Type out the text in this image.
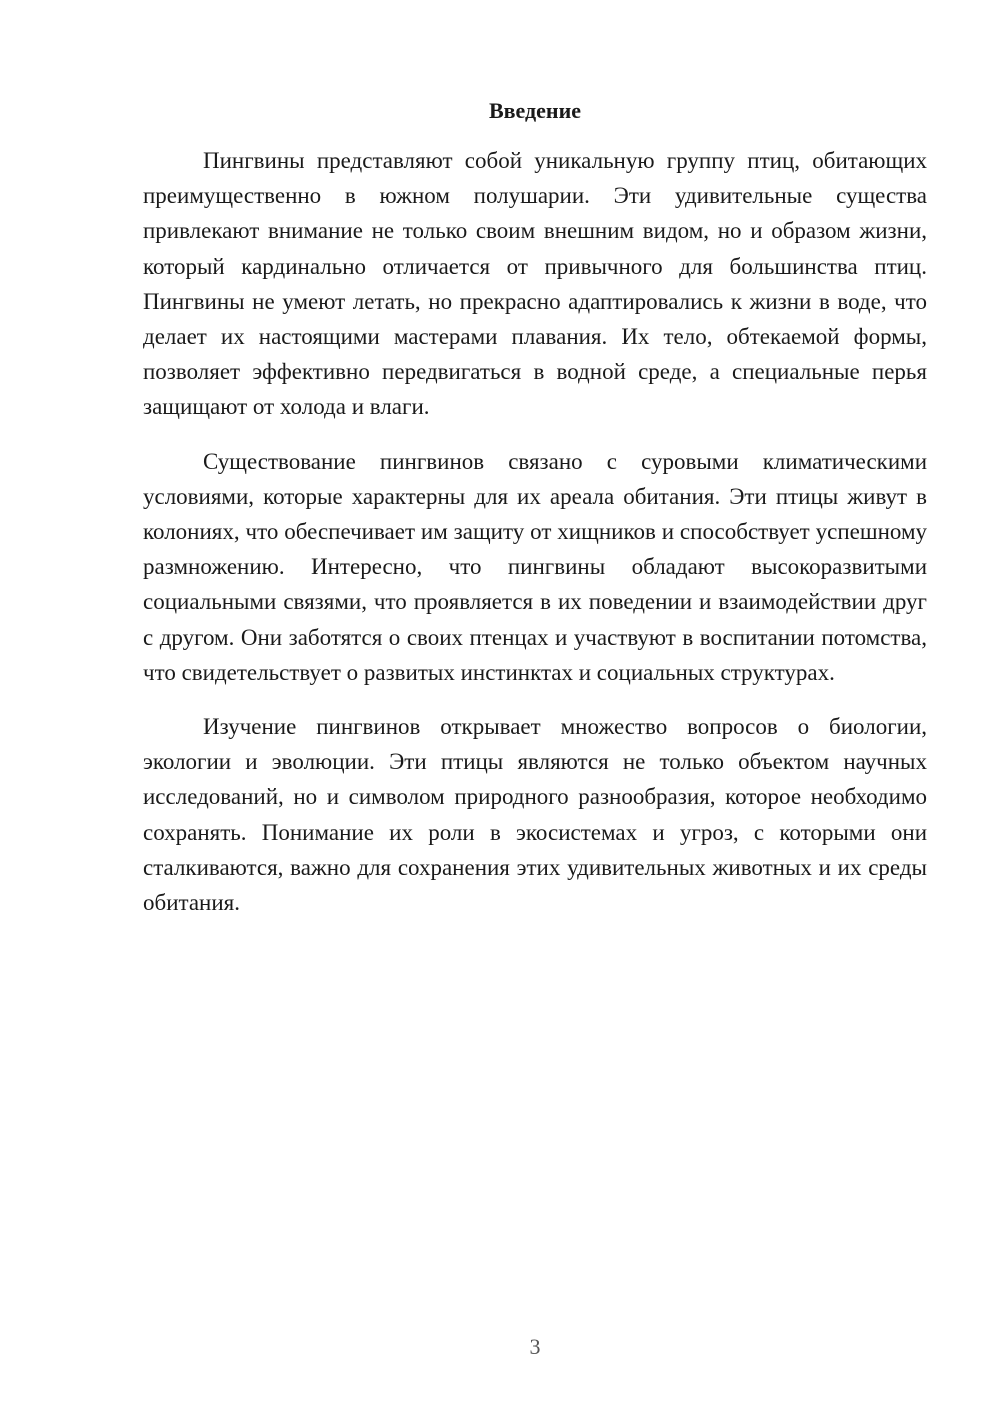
Введение

Пингвины представляют собой уникальную группу птиц, обитающих преимущественно в южном полушарии. Эти удивительные существа привлекают внимание не только своим внешним видом, но и образом жизни, который кардинально отличается от привычного для большинства птиц. Пингвины не умеют летать, но прекрасно адаптировались к жизни в воде, что делает их настоящими мастерами плавания. Их тело, обтекаемой формы, позволяет эффективно передвигаться в водной среде, а специальные перья защищают от холода и влаги.

Существование пингвинов связано с суровыми климатическими условиями, которые характерны для их ареала обитания. Эти птицы живут в колониях, что обеспечивает им защиту от хищников и способствует успешному размножению. Интересно, что пингвины обладают высокоразвитыми социальными связями, что проявляется в их поведении и взаимодействии друг с другом. Они заботятся о своих птенцах и участвуют в воспитании потомства, что свидетельствует о развитых инстинктах и социальных структурах.

Изучение пингвинов открывает множество вопросов о биологии, экологии и эволюции. Эти птицы являются не только объектом научных исследований, но и символом природного разнообразия, которое необходимо сохранять. Понимание их роли в экосистемах и угроз, с которыми они сталкиваются, важно для сохранения этих удивительных животных и их среды обитания.

3
